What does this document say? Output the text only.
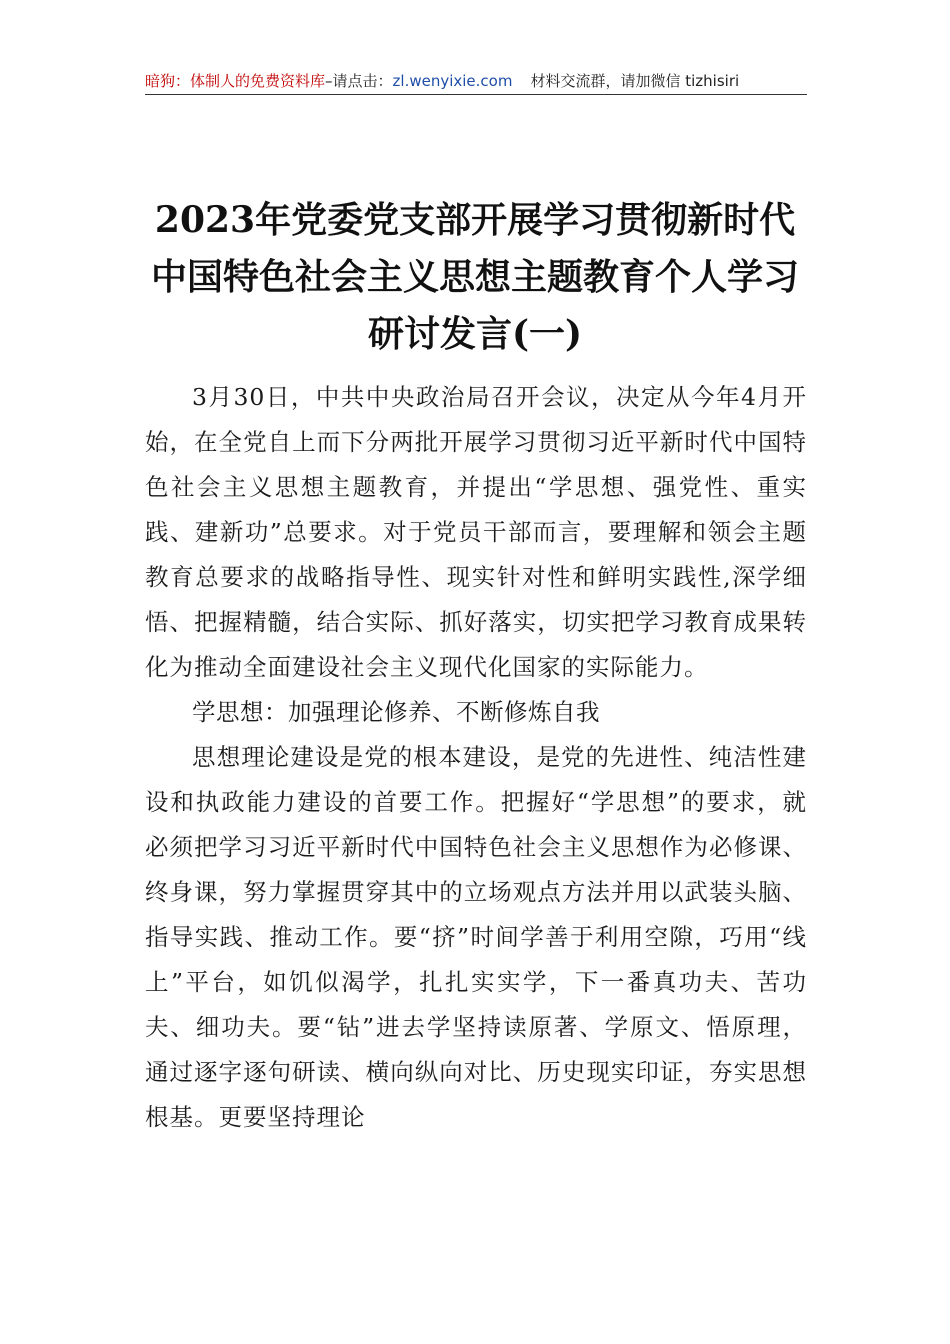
暗狗：体制人的免费资料库–请点击：zl.wenyixie.com 材料交流群，请加微信 tizhisiri
2023年党委党支部开展学习贯彻新时代中国特色社会主义思想主题教育个人学习研讨发言(一)

3月30日，中共中央政治局召开会议，决定从今年4月开始，在全党自上而下分两批开展学习贯彻习近平新时代中国特色社会主义思想主题教育，并提出“学思想、强党性、重实践、建新功”总要求。对于党员干部而言，要理解和领会主题教育总要求的战略指导性、现实针对性和鲜明实践性,深学细悟、把握精髓，结合实际、抓好落实，切实把学习教育成果转化为推动全面建设社会主义现代化国家的实际能力。

学思想：加强理论修养、不断修炼自我

思想理论建设是党的根本建设，是党的先进性、纯洁性建设和执政能力建设的首要工作。把握好“学思想”的要求，就必须把学习习近平新时代中国特色社会主义思想作为必修课、终身课，努力掌握贯穿其中的立场观点方法并用以武装头脑、指导实践、推动工作。要“挤”时间学善于利用空隙，巧用“线上”平台，如饥似渴学，扎扎实实学，下一番真功夫、苦功夫、细功夫。要“钻”进去学坚持读原著、学原文、悟原理，通过逐字逐句研读、横向纵向对比、历史现实印证，夯实思想根基。更要坚持理论
